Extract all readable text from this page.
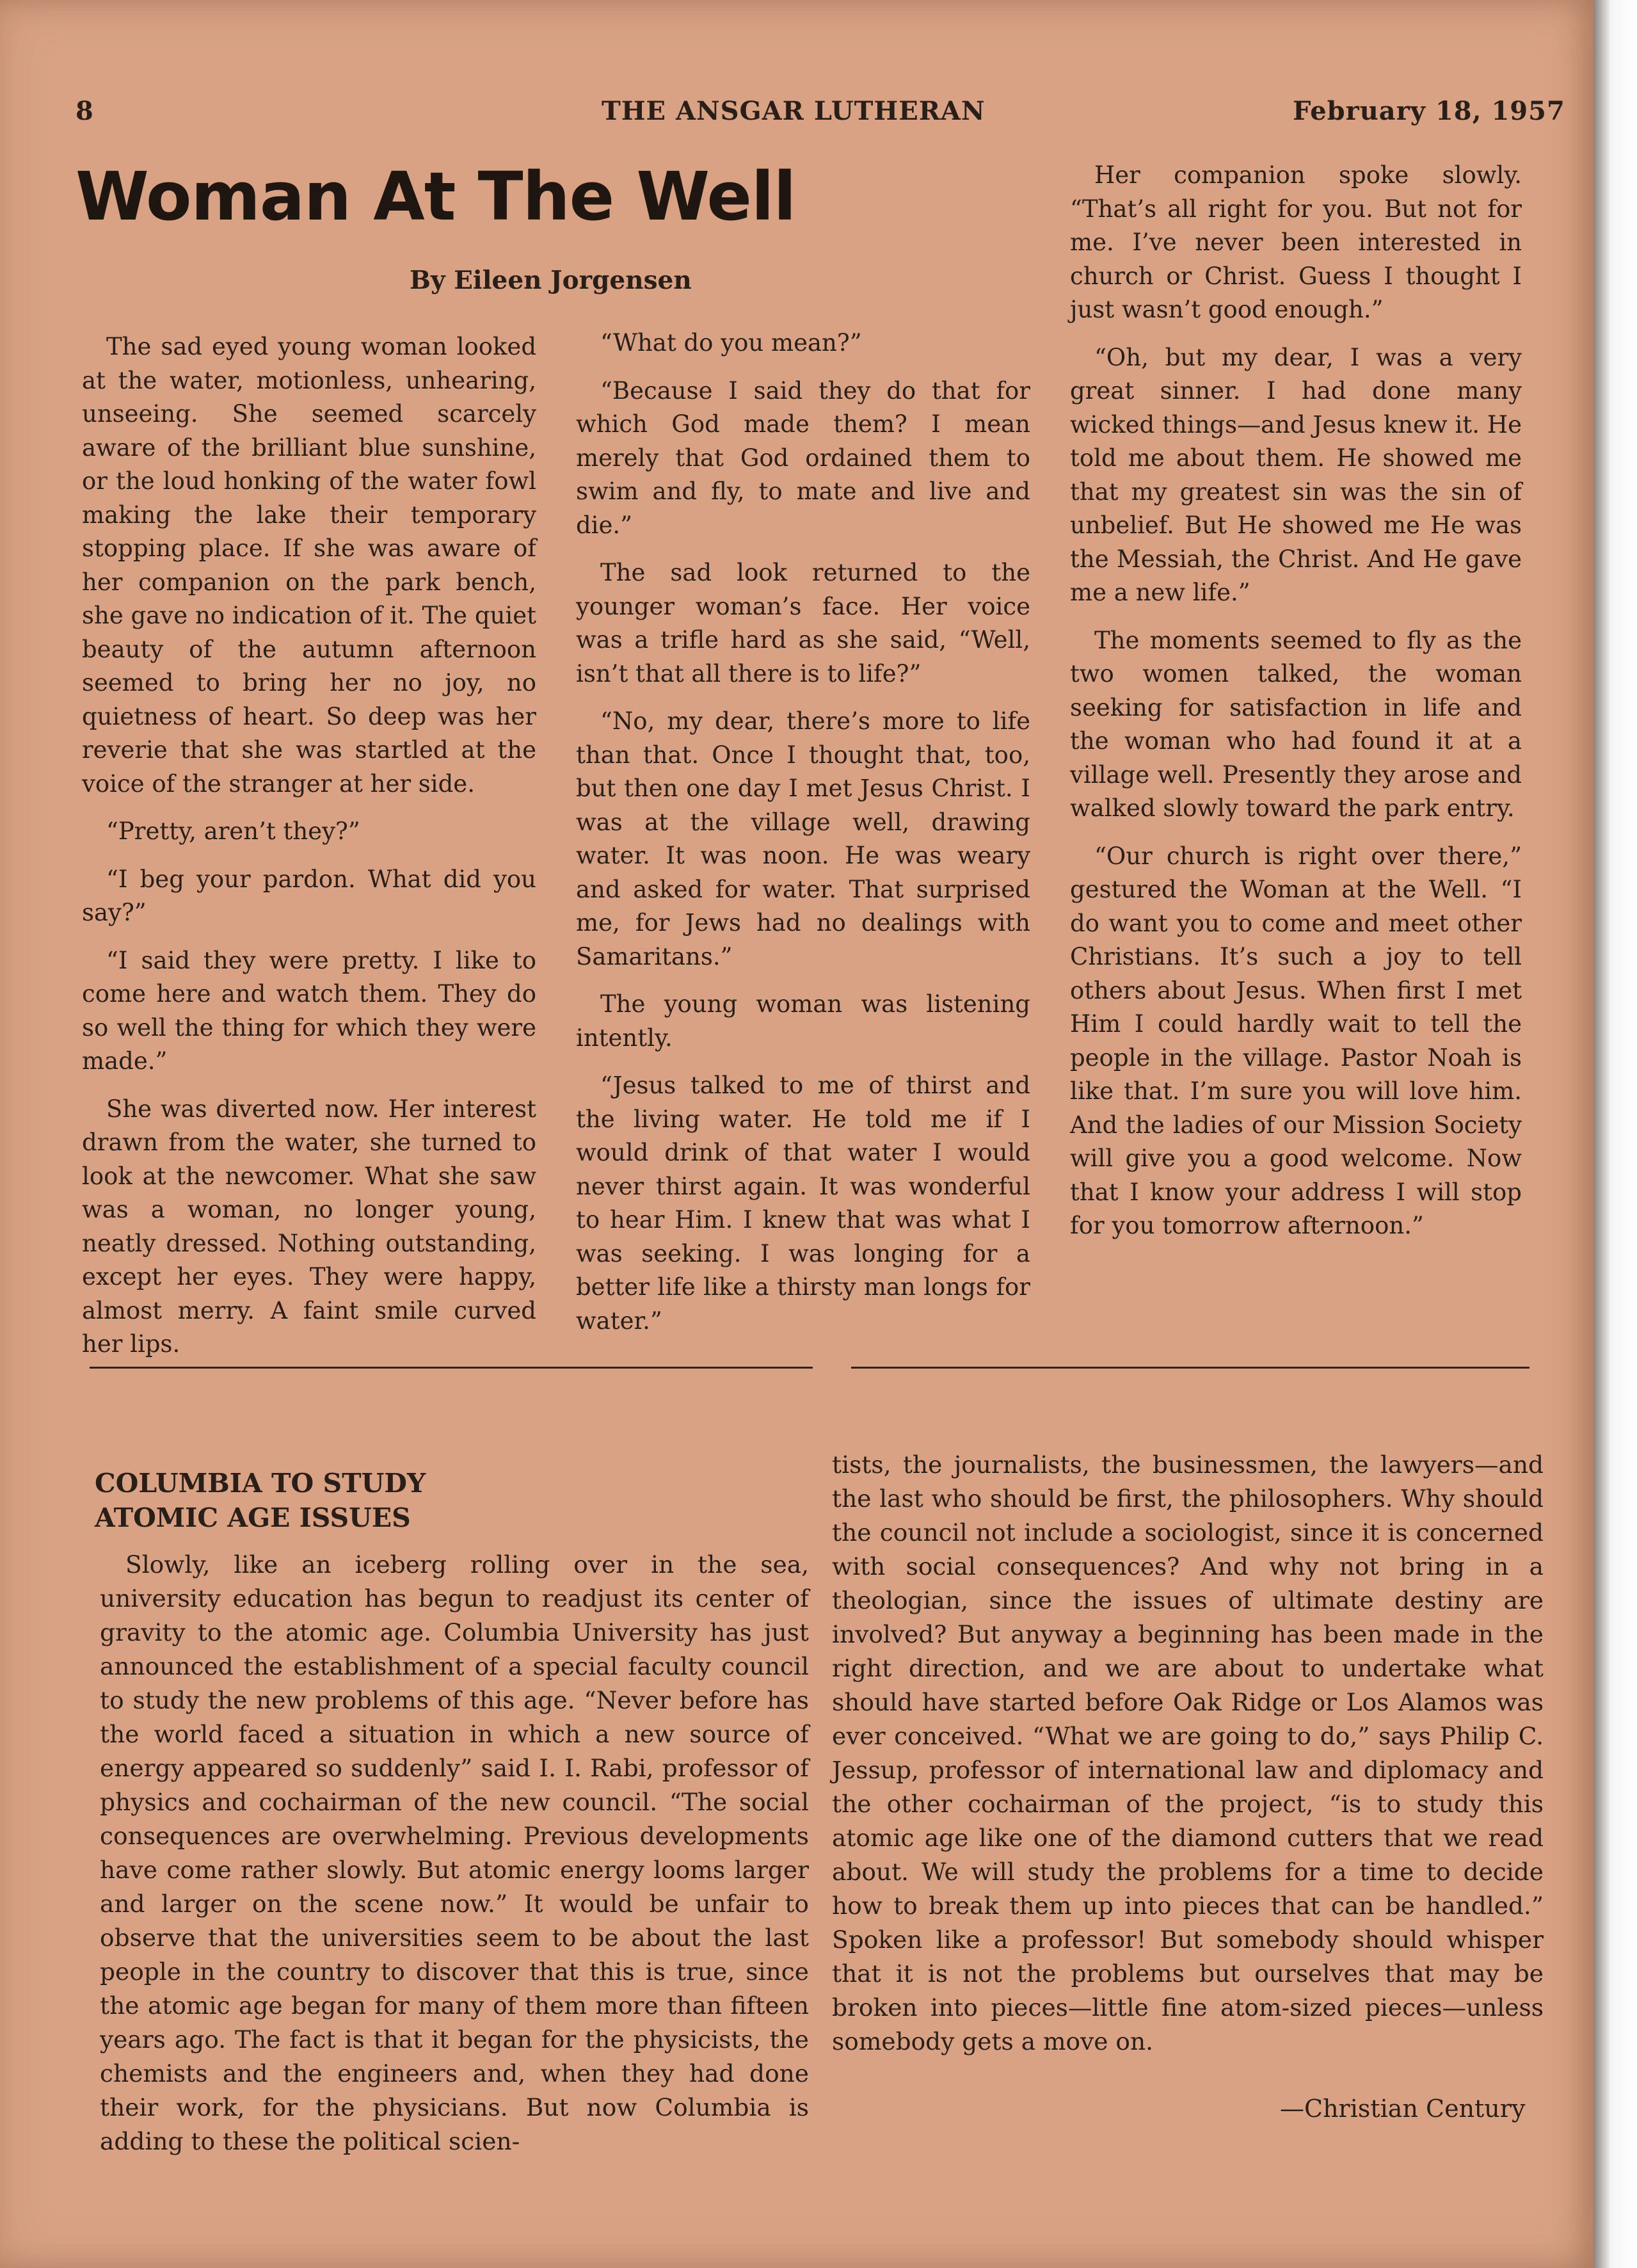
8	THE ANSGAR LUTHERAN	February 18, 1957
Woman At The Well
By Eileen Jorgensen

The sad eyed young woman looked at the water, motionless, unhearing, unseeing. She seemed scarcely aware of the brilliant blue sunshine, or the loud honking of the water fowl making the lake their temporary stopping place. If she was aware of her companion on the park bench, she gave no indication of it. The quiet beauty of the autumn afternoon seemed to bring her no joy, no quietness of heart. So deep was her reverie that she was startled at the voice of the stranger at her side.

“Pretty, aren’t they?”

“I beg your pardon. What did you say?”

“I said they were pretty. I like to come here and watch them. They do so well the thing for which they were made.”

She was diverted now. Her interest drawn from the water, she turned to look at the newcomer. What she saw was a woman, no longer young, neatly dressed. Nothing outstanding, except her eyes. They were happy, almost merry. A faint smile curved her lips.

“What do you mean?”

“Because I said they do that for which God made them? I mean merely that God ordained them to swim and fly, to mate and live and die.”

The sad look returned to the younger woman’s face. Her voice was a trifle hard as she said, “Well, isn’t that all there is to life?”

“No, my dear, there’s more to life than that. Once I thought that, too, but then one day I met Jesus Christ. I was at the village well, drawing water. It was noon. He was weary and asked for water. That surprised me, for Jews had no dealings with Samaritans.”

The young woman was listening intently.

“Jesus talked to me of thirst and the living water. He told me if I would drink of that water I would never thirst again. It was wonderful to hear Him. I knew that was what I was seeking. I was longing for a better life like a thirsty man longs for water.”

Her companion spoke slowly. “That’s all right for you. But not for me. I’ve never been interested in church or Christ. Guess I thought I just wasn’t good enough.”

“Oh, but my dear, I was a very great sinner. I had done many wicked things—and Jesus knew it. He told me about them. He showed me that my greatest sin was the sin of unbelief. But He showed me He was the Messiah, the Christ. And He gave me a new life.”

The moments seemed to fly as the two women talked, the woman seeking for satisfaction in life and the woman who had found it at a village well. Presently they arose and walked slowly toward the park entry.

“Our church is right over there,” gestured the Woman at the Well. “I do want you to come and meet other Christians. It’s such a joy to tell others about Jesus. When first I met Him I could hardly wait to tell the people in the village. Pastor Noah is like that. I’m sure you will love him. And the ladies of our Mission Society will give you a good welcome. Now that I know your address I will stop for you tomorrow afternoon.”

COLUMBIA TO STUDY
ATOMIC AGE ISSUES

Slowly, like an iceberg rolling over in the sea, university education has begun to readjust its center of gravity to the atomic age. Columbia University has just announced the establishment of a special faculty council to study the new problems of this age. “Never before has the world faced a situation in which a new source of energy appeared so suddenly” said I. I. Rabi, professor of physics and cochairman of the new council. “The social consequences are overwhelming. Previous developments have come rather slowly. But atomic energy looms larger and larger on the scene now.” It would be unfair to observe that the universities seem to be about the last people in the country to discover that this is true, since the atomic age began for many of them more than fifteen years ago. The fact is that it began for the physicists, the chemists and the engineers and, when they had done their work, for the physicians. But now Columbia is adding to these the political scien-

tists, the journalists, the businessmen, the lawyers—and the last who should be first, the philosophers. Why should the council not include a sociologist, since it is concerned with social consequences? And why not bring in a theologian, since the issues of ultimate destiny are involved? But anyway a beginning has been made in the right direction, and we are about to undertake what should have started before Oak Ridge or Los Alamos was ever conceived. “What we are going to do,” says Philip C. Jessup, professor of international law and diplomacy and the other cochairman of the project, “is to study this atomic age like one of the diamond cutters that we read about. We will study the problems for a time to decide how to break them up into pieces that can be handled.” Spoken like a professor! But somebody should whisper that it is not the problems but ourselves that may be broken into pieces—little fine atom-sized pieces—unless somebody gets a move on.

—Christian Century
